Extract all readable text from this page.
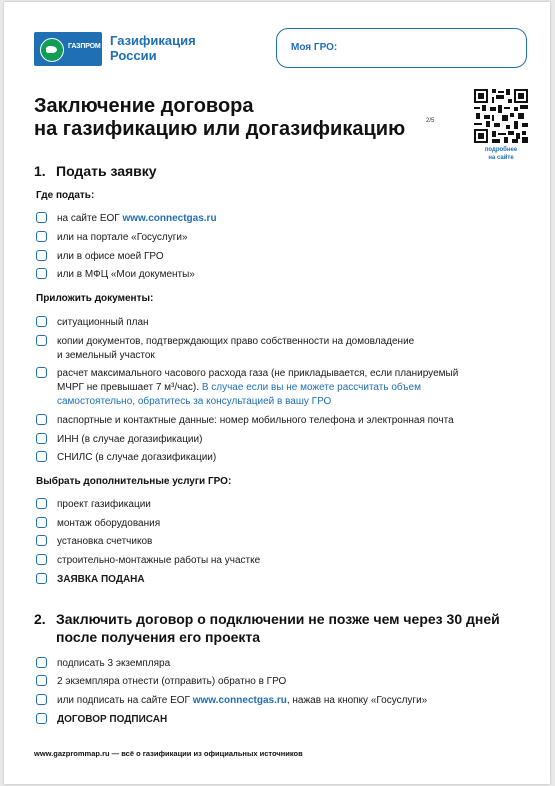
ГАЗПРОМ Газификация
России
Моя ГРО:
Заключение договора
на газификацию или догазификацию	2/5
подробнее
на сайте
1. Подать заявку
Где подать:
на сайте ЕОГ www.connectgas.ru
или на портале «Госуслуги»
или в офисе моей ГРО
или в МФЦ «Мои документы»
Приложить документы:
ситуационный план
копии документов, подтверждающих право собственности на домовладение
и земельный участок
расчет максимального часового расхода газа (не прикладывается, если планируемый
МЧРГ не превышает 7 м³/час). В случае если вы не можете рассчитать объем
самостоятельно, обратитесь за консультацией в вашу ГРО
паспортные и контактные данные: номер мобильного телефона и электронная почта
ИНН (в случае догазификации)
СНИЛС (в случае догазификации)
Выбрать дополнительные услуги ГРО:
проект газификации
монтаж оборудования
установка счетчиков
строительно-монтажные работы на участке
ЗАЯВКА ПОДАНА
2. Заключить договор о подключении не позже чем через 30 дней
после получения его проекта
подписать 3 экземпляра
2 экземпляра отнести (отправить) обратно в ГРО
или подписать на сайте ЕОГ www.connectgas.ru, нажав на кнопку «Госуслуги»
ДОГОВОР ПОДПИСАН
www.gazprommap.ru — всё о газификации из официальных источников
